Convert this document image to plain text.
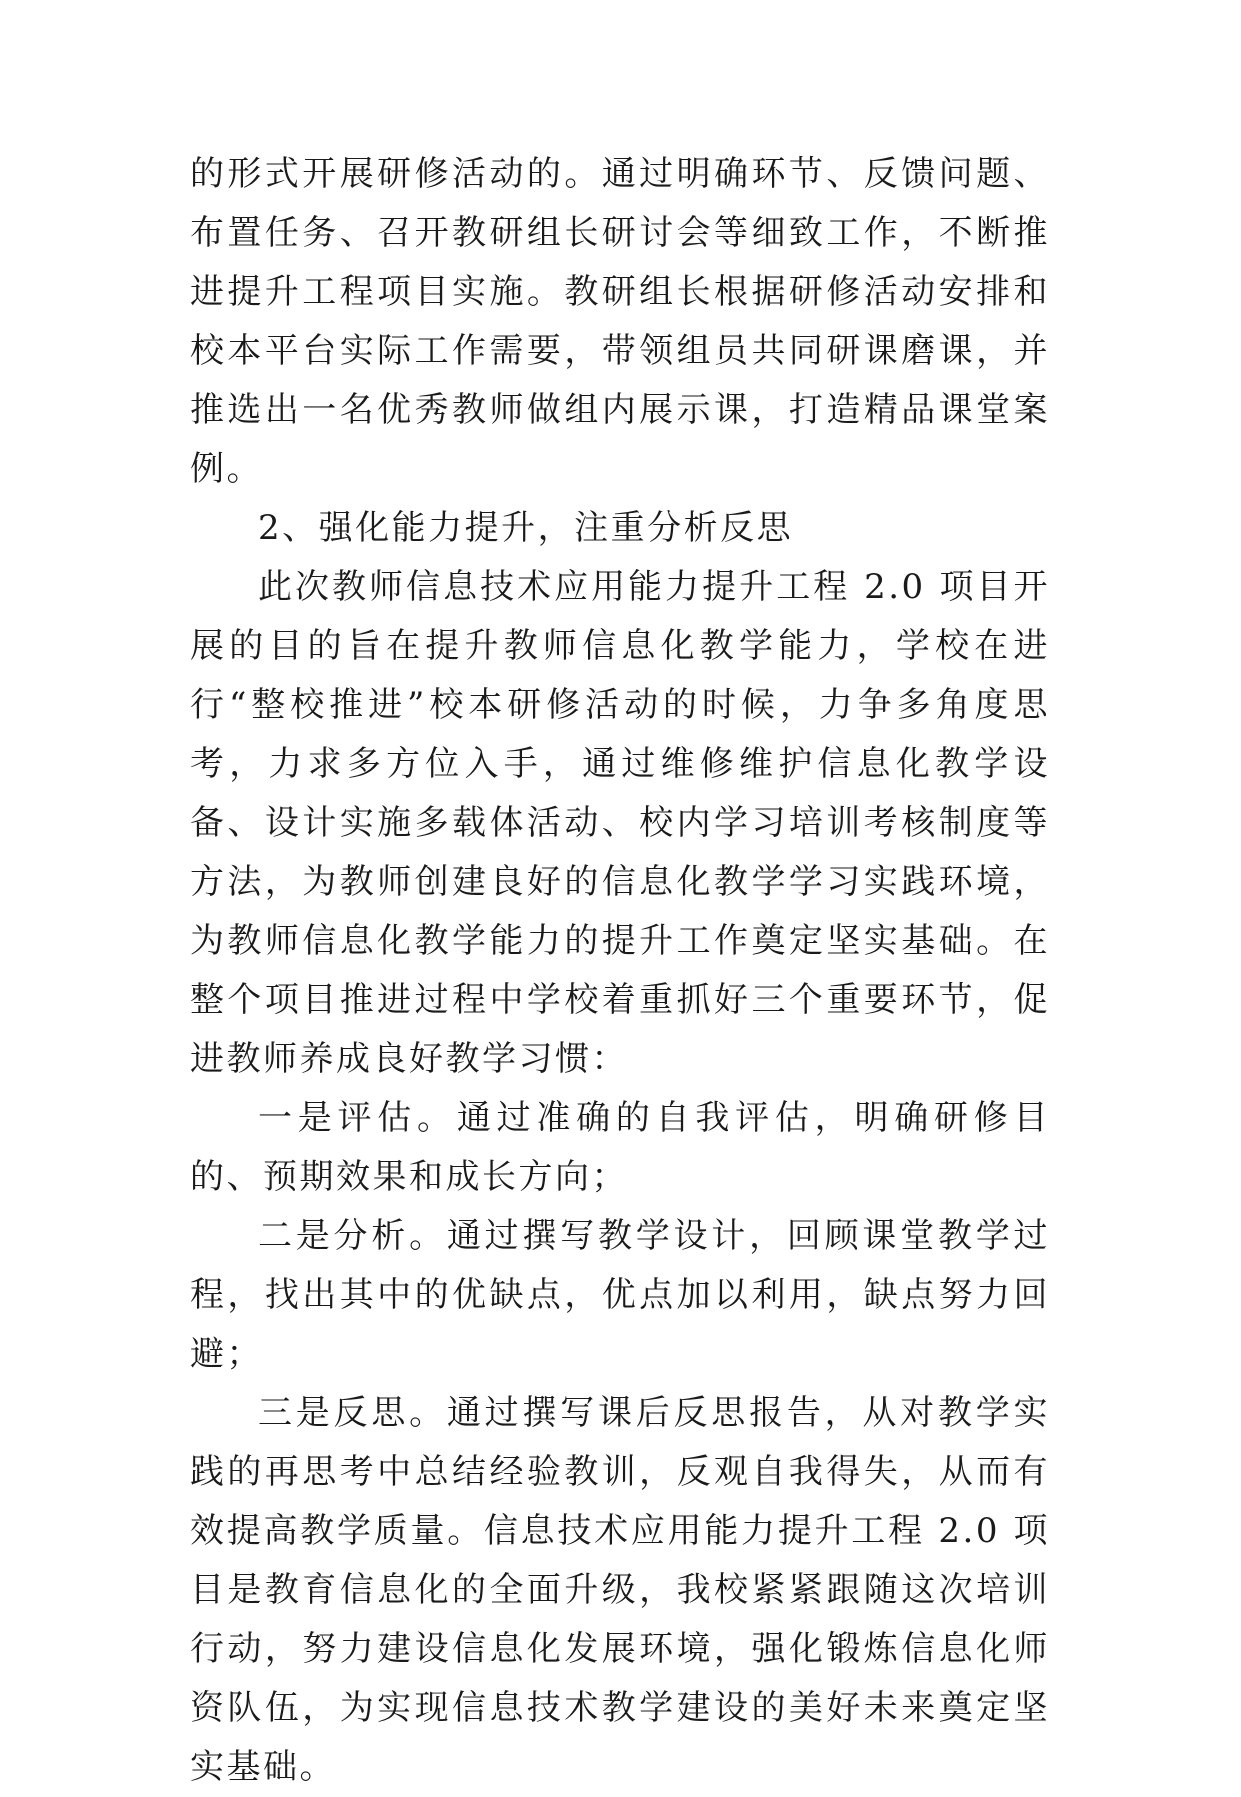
的形式开展研修活动的。通过明确环节、反馈问题、布置任务、召开教研组长研讨会等细致工作，不断推进提升工程项目实施。教研组长根据研修活动安排和校本平台实际工作需要，带领组员共同研课磨课，并推选出一名优秀教师做组内展示课，打造精品课堂案例。

2、强化能力提升，注重分析反思

此次教师信息技术应用能力提升工程 2.0 项目开展的目的旨在提升教师信息化教学能力，学校在进行“整校推进”校本研修活动的时候，力争多角度思考，力求多方位入手，通过维修维护信息化教学设备、设计实施多载体活动、校内学习培训考核制度等方法，为教师创建良好的信息化教学学习实践环境，为教师信息化教学能力的提升工作奠定坚实基础。在整个项目推进过程中学校着重抓好三个重要环节，促进教师养成良好教学习惯：

一是评估。通过准确的自我评估，明确研修目的、预期效果和成长方向；

二是分析。通过撰写教学设计，回顾课堂教学过程，找出其中的优缺点，优点加以利用，缺点努力回避；

三是反思。通过撰写课后反思报告，从对教学实践的再思考中总结经验教训，反观自我得失，从而有效提高教学质量。信息技术应用能力提升工程 2.0 项目是教育信息化的全面升级，我校紧紧跟随这次培训行动，努力建设信息化发展环境，强化锻炼信息化师资队伍，为实现信息技术教学建设的美好未来奠定坚实基础。
